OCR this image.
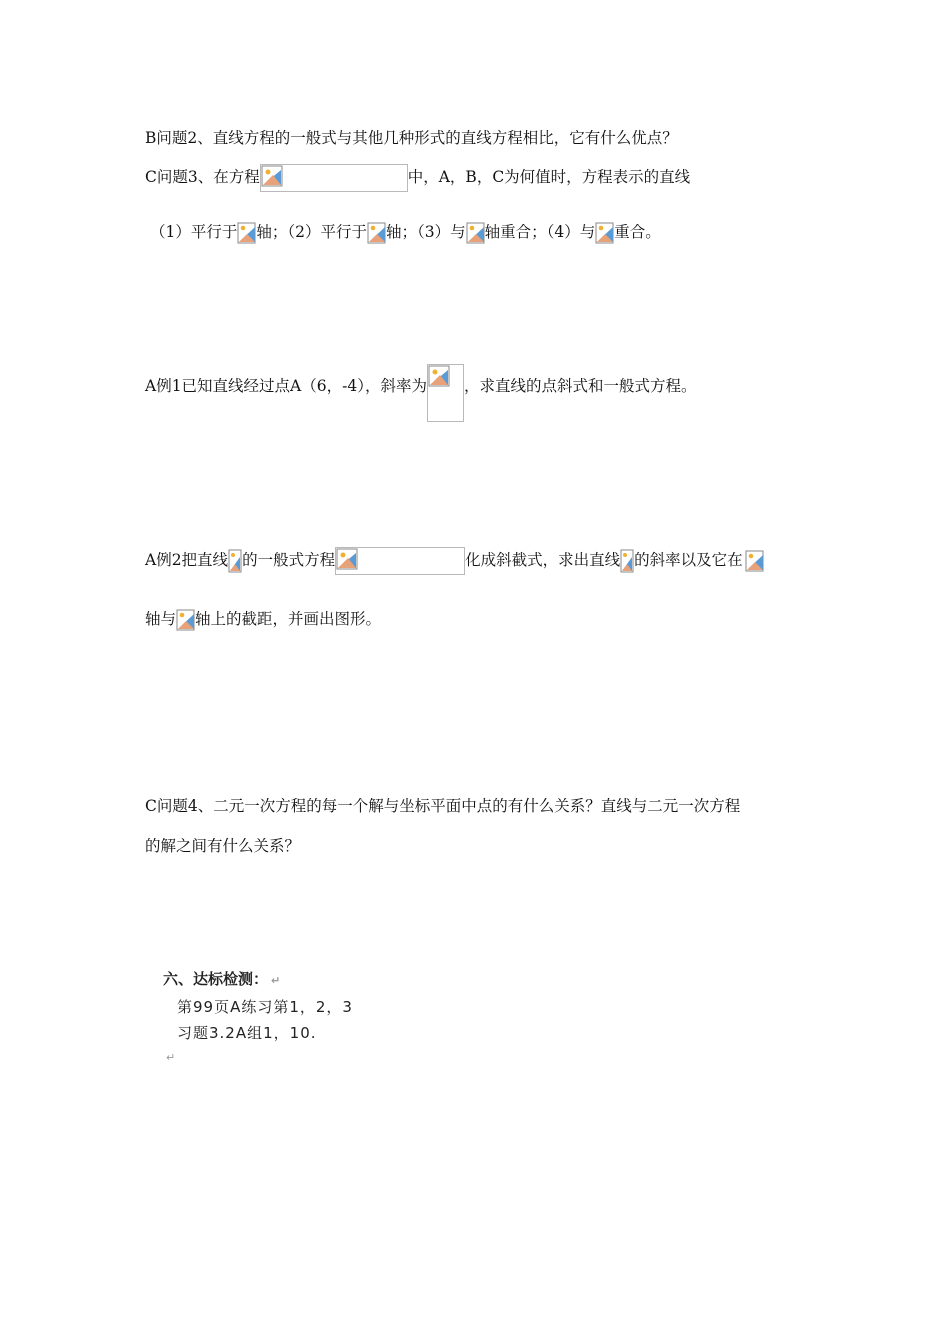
B问题2、直线方程的一般式与其他几种形式的直线方程相比，它有什么优点？
C问题3、在方程	中，A，B，C为何值时，方程表示的直线
（1）平行于 轴；（2）平行于 轴；（3）与 轴重合；（4）与 重合。
A例1已知直线经过点A（6，-4），斜率为 ，求直线的点斜式和一般式方程。
A例2把直线 的一般式方程	化成斜截式，求出直线 的斜率以及它在
轴与 轴上的截距，并画出图形。
C问题4、二元一次方程的每一个解与坐标平面中点的有什么关系？直线与二元一次方程
的解之间有什么关系？
六、达标检测： ↵
第99页A练习第1，2，3
习题3.2A组1，10.
↵
